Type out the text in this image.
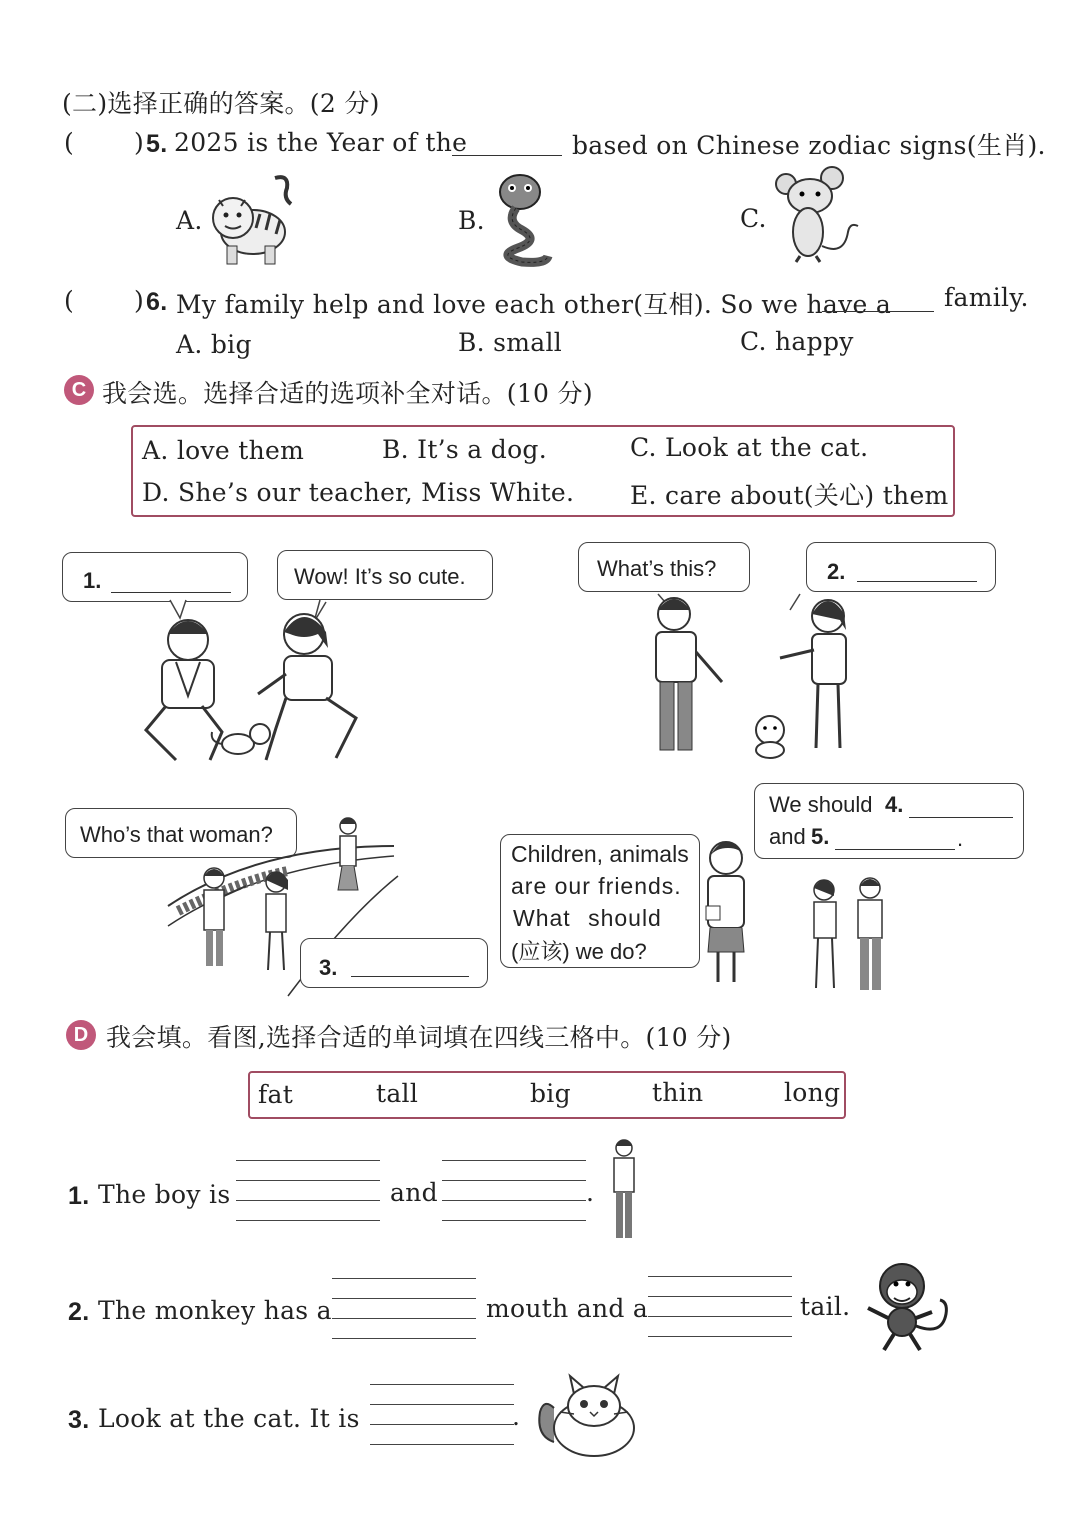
(二)选择正确的答案。(2 分)
( ) 5. 2025 is the Year of the	based on Chinese zodiac signs(生肖).
A.	B.	C.
( ) 6. My family help and love each other(互相). So we have a family.
A. big	B. small	C. happy
C 我会选。选择合适的选项补全对话。(10 分)
A. love them	B. It’s a dog.	C. Look at the cat.
D. She’s our teacher, Miss White. E. care about(关心) them
1.	Wow! It’s so cute.	What’s this?	2.
Who’s that woman?
3.
Children, animals
are our friends.
What should
(应该) we do?
We should 4.
and 5.	.
D 我会填。看图,选择合适的单词填在四线三格中。(10 分)
fat	tall	big	thin	long
1. The boy is	and	.
2. The monkey has a	mouth and a	tail.
3. Look at the cat. It is	.
